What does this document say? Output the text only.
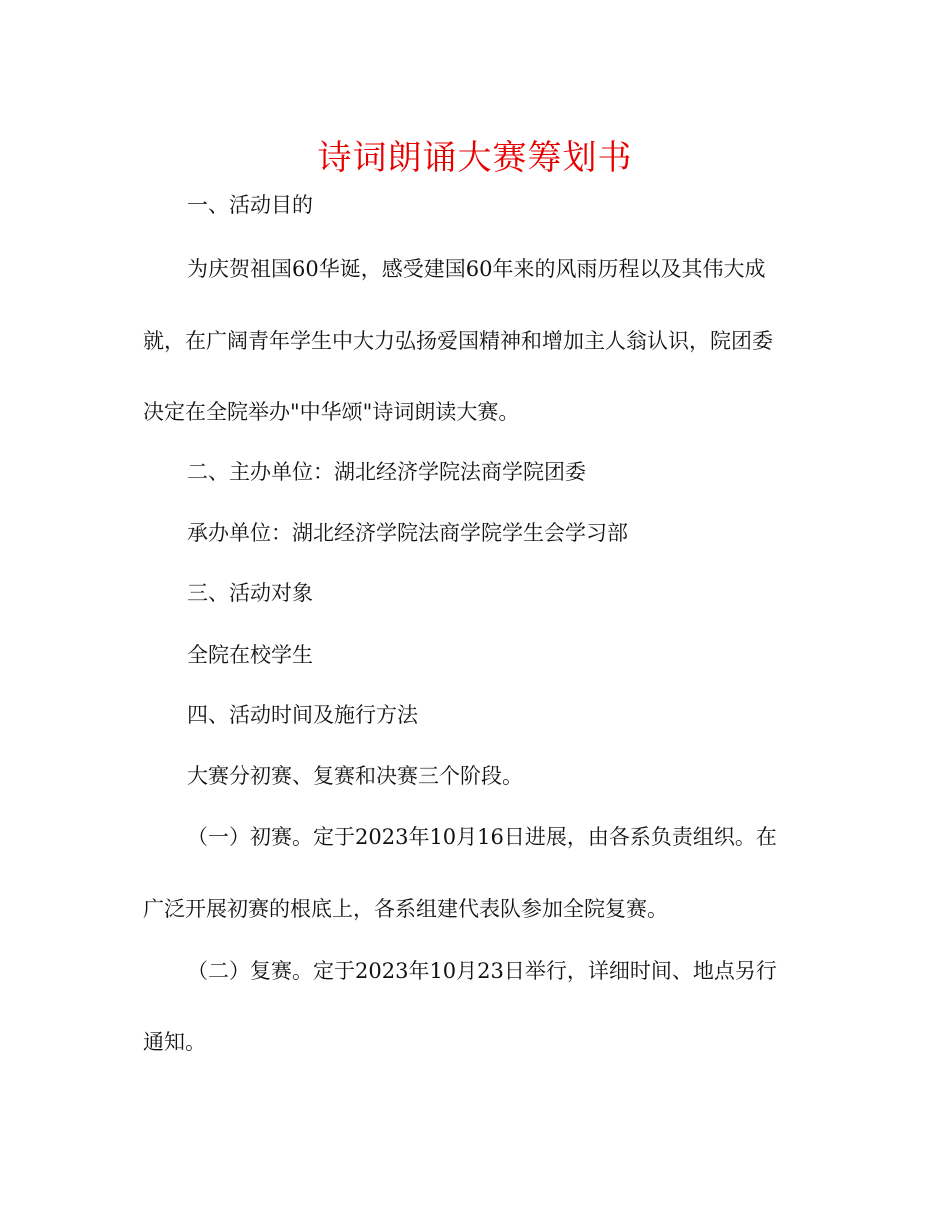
诗词朗诵大赛筹划书
一、活动目的
为庆贺祖国60华诞，感受建国60年来的风雨历程以及其伟大成
就，在广阔青年学生中大力弘扬爱国精神和增加主人翁认识，院团委
决定在全院举办"中华颂"诗词朗读大赛。
二、主办单位：湖北经济学院法商学院团委
承办单位：湖北经济学院法商学院学生会学习部
三、活动对象
全院在校学生
四、活动时间及施行方法
大赛分初赛、复赛和决赛三个阶段。
（一）初赛。定于2023年10月16日进展，由各系负责组织。在
广泛开展初赛的根底上，各系组建代表队参加全院复赛。
（二）复赛。定于2023年10月23日举行，详细时间、地点另行
通知。
